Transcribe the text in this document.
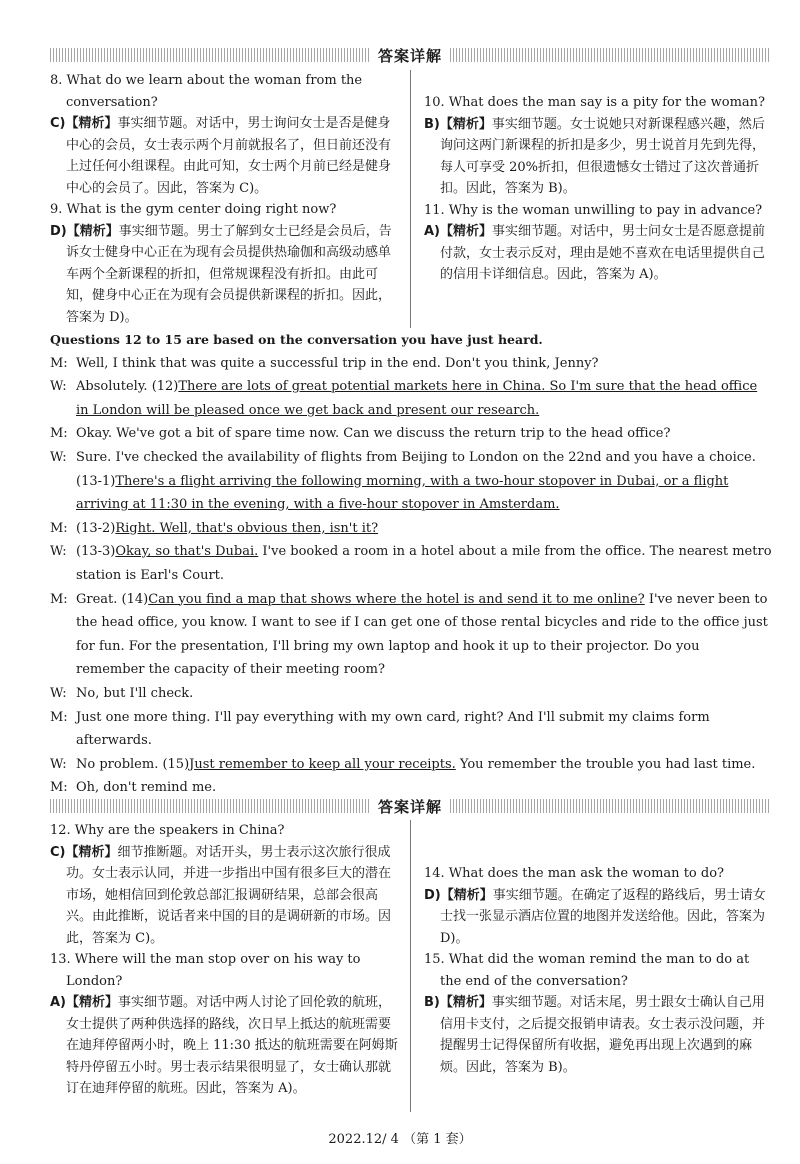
答案详解

8. What do we learn about the woman from the conversation?

C)【精析】事实细节题。对话中，男士询问女士是否是健身中心的会员，女士表示两个月前就报名了，但日前还没有上过任何小组课程。由此可知，女士两个月前已经是健身中心的会员了。因此，答案为 C)。

9. What is the gym center doing right now?

D)【精析】事实细节题。男士了解到女士已经是会员后，告诉女士健身中心正在为现有会员提供热瑜伽和高级动感单车两个全新课程的折扣，但常规课程没有折扣。由此可知，健身中心正在为现有会员提供新课程的折扣。因此，答案为 D)。

10. What does the man say is a pity for the woman?

B)【精析】事实细节题。女士说她只对新课程感兴趣，然后询问这两门新课程的折扣是多少，男士说首月先到先得，每人可享受 20%折扣，但很遗憾女士错过了这次普通折扣。因此，答案为 B)。

11. Why is the woman unwilling to pay in advance?

A)【精析】事实细节题。对话中，男士问女士是否愿意提前付款，女士表示反对，理由是她不喜欢在电话里提供自己的信用卡详细信息。因此，答案为 A)。

Questions 12 to 15 are based on the conversation you have just heard.

M: Well, I think that was quite a successful trip in the end. Don't you think, Jenny?

W: Absolutely. (12)There are lots of great potential markets here in China. So I'm sure that the head office in London will be pleased once we get back and present our research.

M: Okay. We've got a bit of spare time now. Can we discuss the return trip to the head office?

W: Sure. I've checked the availability of flights from Beijing to London on the 22nd and you have a choice. (13-1)There's a flight arriving the following morning, with a two-hour stopover in Dubai, or a flight arriving at 11:30 in the evening, with a five-hour stopover in Amsterdam.

M: (13-2)Right. Well, that's obvious then, isn't it?

W: (13-3)Okay, so that's Dubai. I've booked a room in a hotel about a mile from the office. The nearest metro station is Earl's Court.

M: Great. (14)Can you find a map that shows where the hotel is and send it to me online? I've never been to the head office, you know. I want to see if I can get one of those rental bicycles and ride to the office just for fun. For the presentation, I'll bring my own laptop and hook it up to their projector. Do you remember the capacity of their meeting room?

W: No, but I'll check.

M: Just one more thing. I'll pay everything with my own card, right? And I'll submit my claims form afterwards.

W: No problem. (15)Just remember to keep all your receipts. You remember the trouble you had last time.

M: Oh, don't remind me.

答案详解

12. Why are the speakers in China?

C)【精析】细节推断题。对话开头，男士表示这次旅行很成功。女士表示认同，并进一步指出中国有很多巨大的潜在市场，她相信回到伦敦总部汇报调研结果，总部会很高兴。由此推断，说话者来中国的目的是调研新的市场。因此，答案为 C)。

13. Where will the man stop over on his way to London?

A)【精析】事实细节题。对话中两人讨论了回伦敦的航班，女士提供了两种供选择的路线，次日早上抵达的航班需要在迪拜停留两小时，晚上 11:30 抵达的航班需要在阿姆斯特丹停留五小时。男士表示结果很明显了，女士确认那就订在迪拜停留的航班。因此，答案为 A)。

14. What does the man ask the woman to do?

D)【精析】事实细节题。在确定了返程的路线后，男士请女士找一张显示酒店位置的地图并发送给他。因此，答案为 D)。

15. What did the woman remind the man to do at the end of the conversation?

B)【精析】事实细节题。对话末尾，男士跟女士确认自己用信用卡支付，之后提交报销申请表。女士表示没问题，并提醒男士记得保留所有收据，避免再出现上次遇到的麻烦。因此，答案为 B)。

2022.12/ 4 （第 1 套）
